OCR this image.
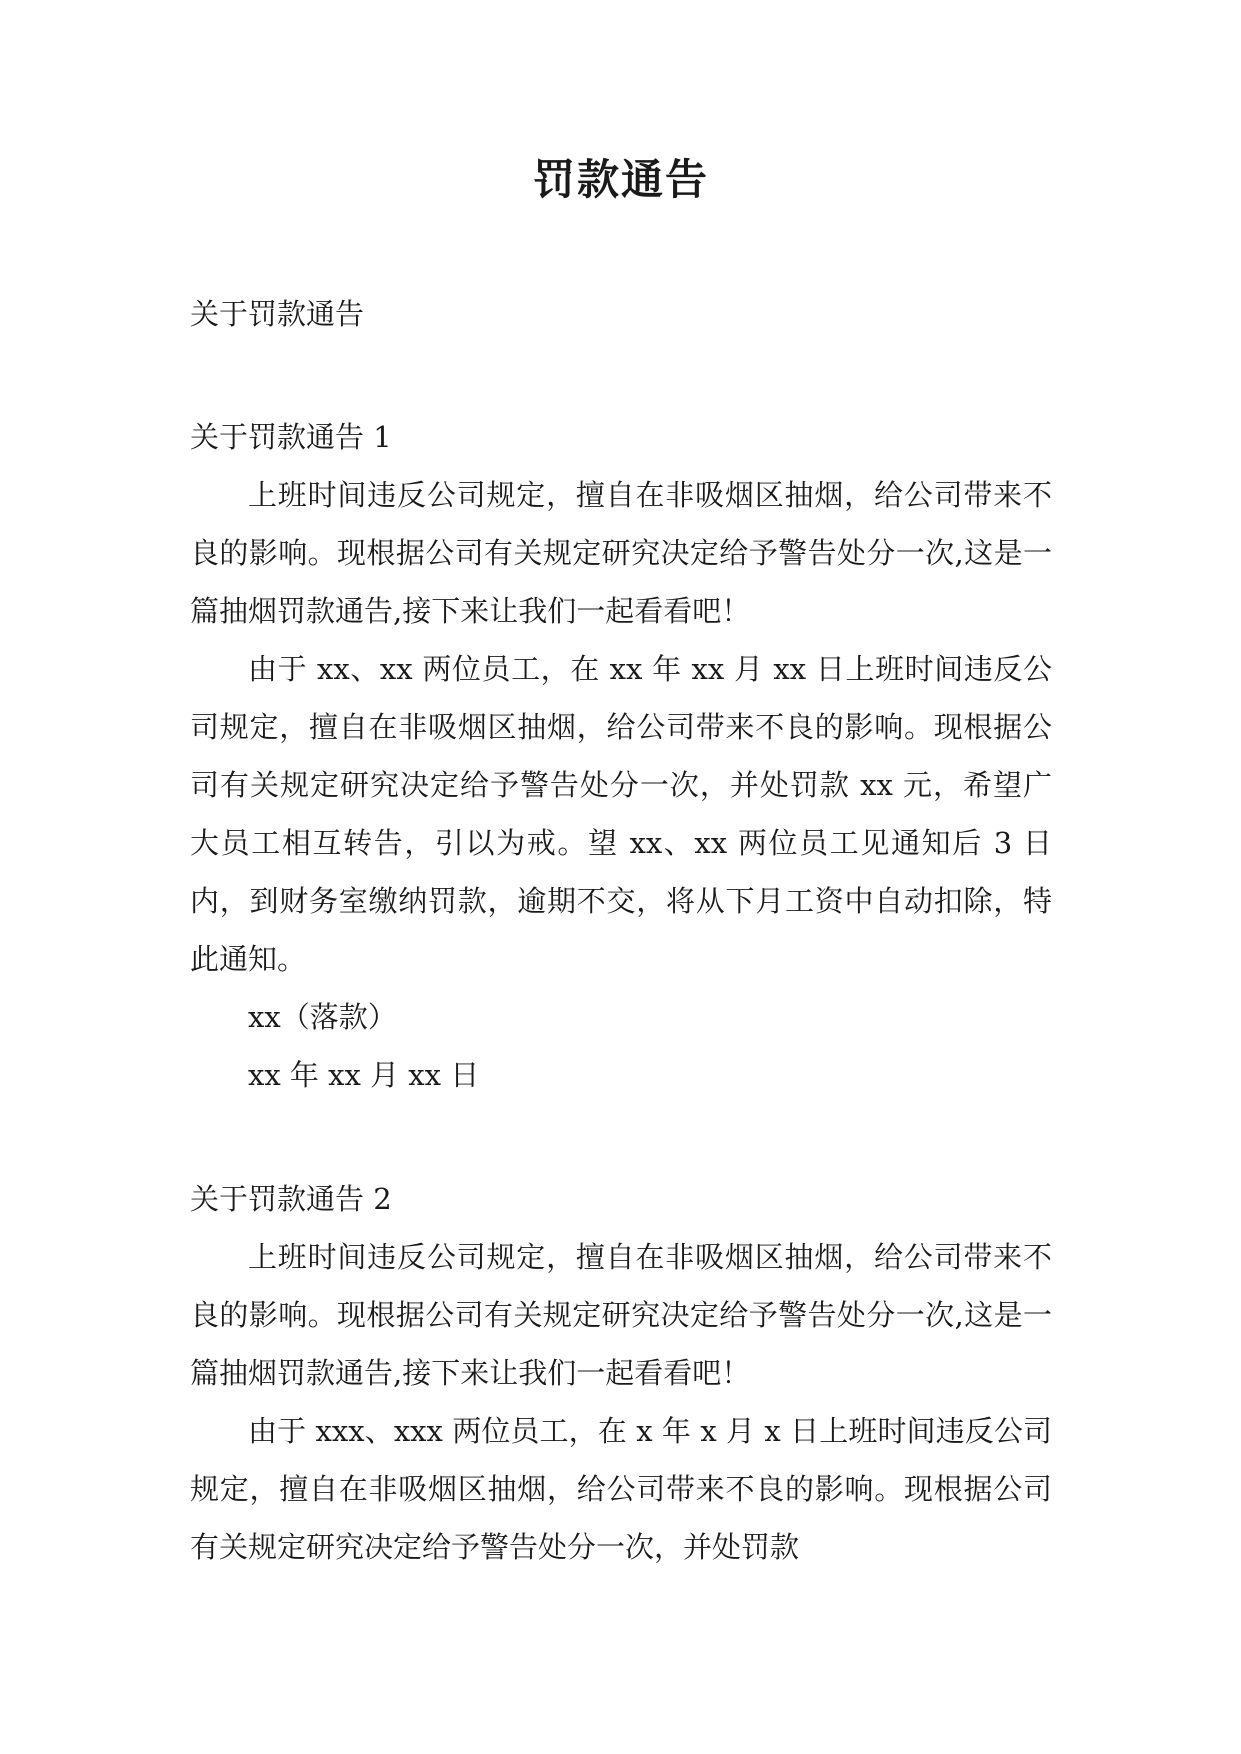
罚款通告
关于罚款通告

关于罚款通告 1

上班时间违反公司规定，擅自在非吸烟区抽烟，给公司带来不良的影响。现根据公司有关规定研究决定给予警告处分一次,这是一篇抽烟罚款通告,接下来让我们一起看看吧！

由于 xx、xx 两位员工，在 xx 年 xx 月 xx 日上班时间违反公司规定，擅自在非吸烟区抽烟，给公司带来不良的影响。现根据公司有关规定研究决定给予警告处分一次，并处罚款 xx 元，希望广大员工相互转告，引以为戒。望 xx、xx 两位员工见通知后 3 日内，到财务室缴纳罚款，逾期不交，将从下月工资中自动扣除，特此通知。

xx（落款）

xx 年 xx 月 xx 日

关于罚款通告 2

上班时间违反公司规定，擅自在非吸烟区抽烟，给公司带来不良的影响。现根据公司有关规定研究决定给予警告处分一次,这是一篇抽烟罚款通告,接下来让我们一起看看吧！

由于 xxx、xxx 两位员工，在 x 年 x 月 x 日上班时间违反公司规定，擅自在非吸烟区抽烟，给公司带来不良的影响。现根据公司有关规定研究决定给予警告处分一次，并处罚款
